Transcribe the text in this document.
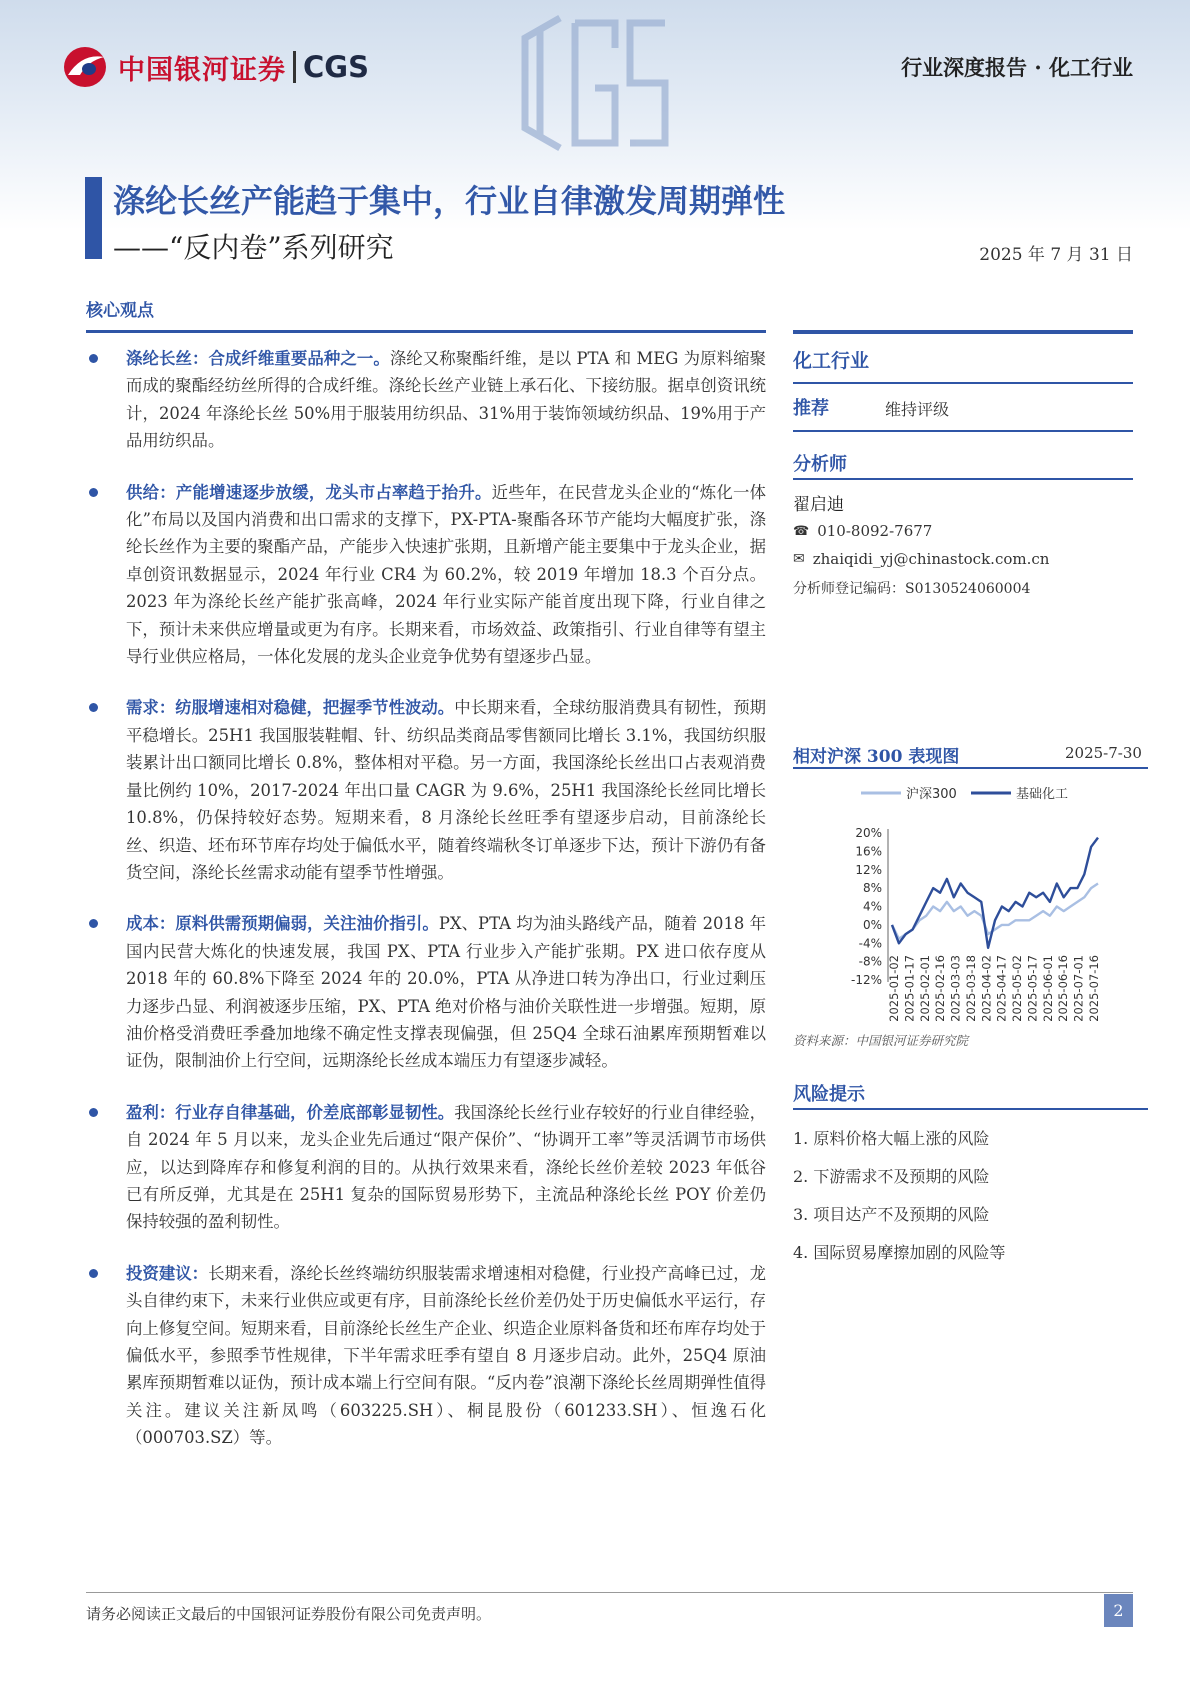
CGS
中国银河证券 CGS	行业深度报告 · 化工行业
涤纶长丝产能趋于集中，行业自律激发周期弹性
——“反内卷”系列研究	2025 年 7 月 31 日
核心观点

涤纶长丝：合成纤维重要品种之一。涤纶又称聚酯纤维，是以 PTA 和 MEG 为原料缩聚而成的聚酯经纺丝所得的合成纤维。涤纶长丝产业链上承石化、下接纺服。据卓创资讯统计，2024 年涤纶长丝 50%用于服装用纺织品、31%用于装饰领域纺织品、19%用于产品用纺织品。

供给：产能增速逐步放缓，龙头市占率趋于抬升。近些年，在民营龙头企业的“炼化一体化”布局以及国内消费和出口需求的支撑下，PX-PTA-聚酯各环节产能均大幅度扩张，涤纶长丝作为主要的聚酯产品，产能步入快速扩张期，且新增产能主要集中于龙头企业，据卓创资讯数据显示，2024 年行业 CR4 为 60.2%，较 2019 年增加 18.3 个百分点。2023 年为涤纶长丝产能扩张高峰，2024 年行业实际产能首度出现下降，行业自律之下，预计未来供应增量或更为有序。长期来看，市场效益、政策指引、行业自律等有望主导行业供应格局，一体化发展的龙头企业竞争优势有望逐步凸显。

需求：纺服增速相对稳健，把握季节性波动。中长期来看，全球纺服消费具有韧性，预期平稳增长。25H1 我国服装鞋帽、针、纺织品类商品零售额同比增长 3.1%，我国纺织服装累计出口额同比增长 0.8%，整体相对平稳。另一方面，我国涤纶长丝出口占表观消费量比例约 10%，2017-2024 年出口量 CAGR 为 9.6%，25H1 我国涤纶长丝同比增长 10.8%，仍保持较好态势。短期来看，8 月涤纶长丝旺季有望逐步启动，目前涤纶长丝、织造、坯布环节库存均处于偏低水平，随着终端秋冬订单逐步下达，预计下游仍有备货空间，涤纶长丝需求动能有望季节性增强。

成本：原料供需预期偏弱，关注油价指引。PX、PTA 均为油头路线产品，随着 2018 年国内民营大炼化的快速发展，我国 PX、PTA 行业步入产能扩张期。PX 进口依存度从 2018 年的 60.8%下降至 2024 年的 20.0%，PTA 从净进口转为净出口，行业过剩压力逐步凸显、利润被逐步压缩，PX、PTA 绝对价格与油价关联性进一步增强。短期，原油价格受消费旺季叠加地缘不确定性支撑表现偏强，但 25Q4 全球石油累库预期暂难以证伪，限制油价上行空间，远期涤纶长丝成本端压力有望逐步减轻。

盈利：行业存自律基础，价差底部彰显韧性。我国涤纶长丝行业存较好的行业自律经验，自 2024 年 5 月以来，龙头企业先后通过“限产保价”、“协调开工率”等灵活调节市场供应，以达到降库存和修复利润的目的。从执行效果来看，涤纶长丝价差较 2023 年低谷已有所反弹，尤其是在 25H1 复杂的国际贸易形势下，主流品种涤纶长丝 POY 价差仍保持较强的盈利韧性。

投资建议：长期来看，涤纶长丝终端纺织服装需求增速相对稳健，行业投产高峰已过，龙头自律约束下，未来行业供应或更有序，目前涤纶长丝价差仍处于历史偏低水平运行，存向上修复空间。短期来看，目前涤纶长丝生产企业、织造企业原料备货和坯布库存均处于偏低水平，参照季节性规律，下半年需求旺季有望自 8 月逐步启动。此外，25Q4 原油累库预期暂难以证伪，预计成本端上行空间有限。“反内卷”浪潮下涤纶长丝周期弹性值得关注。建议关注新凤鸣（603225.SH）、桐昆股份（601233.SH）、恒逸石化（000703.SZ）等。

化工行业
推荐	维持评级
分析师
翟启迪
☎ 010-8092-7677
✉ zhaiqidi_yj@chinastock.com.cn
分析师登记编码：S0130524060004
相对沪深 300 表现图	2025-7-30
沪深300	基础化工
20%
16%
12%
8%
4%
0%
-4%
-8%
-12% 2025-01-02 2025-01-17 2025-02-01 2025-02-16 2025-03-03 2025-03-18 2025-04-02 2025-04-17 2025-05-02 2025-05-17 2025-06-01 2025-06-16 2025-07-01 2025-07-16
资料来源：中国银河证券研究院
风险提示
1. 原料价格大幅上涨的风险
2. 下游需求不及预期的风险
3. 项目达产不及预期的风险
4. 国际贸易摩擦加剧的风险等
请务必阅读正文最后的中国银河证券股份有限公司免责声明。	2
